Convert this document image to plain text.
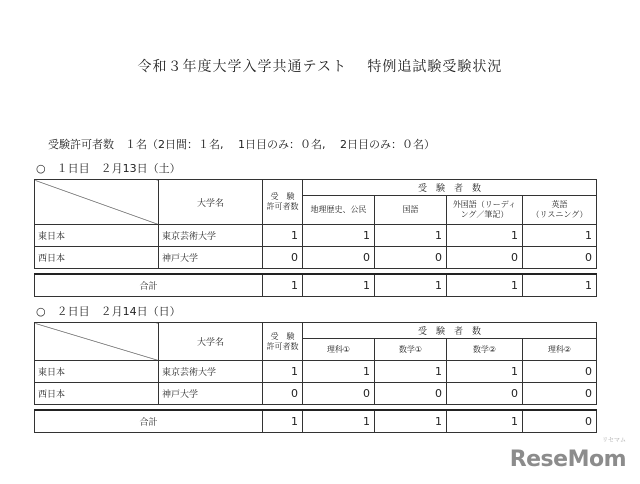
令和３年度大学入学共通テスト　 特例追試験受験状況
受験許可者数　１名（2日間：１名,　 1日目のみ：０名,　 2日目のみ：０名）
○　１日目　２月13日（土）
	大学名	受　験
許可者数	受　験　者　数			
			地理歴史、公民	国語	外国語（リーディング／筆記）	英語
（リスニング）
東日本	東京芸術大学	1	1	1	1	1
西日本	神戸大学	0	0	0	0	0

合計		1	1	1	1	1
○　２日目　２月14日（日）
	大学名	受　験
許可者数	受　験　者　数			
			理科①	数学①	数学②	理科②
東日本	東京芸術大学	1	1	1	1	0
西日本	神戸大学	0	0	0	0	0

合計		1	1	1	1	0
リセマム
ReseMom
